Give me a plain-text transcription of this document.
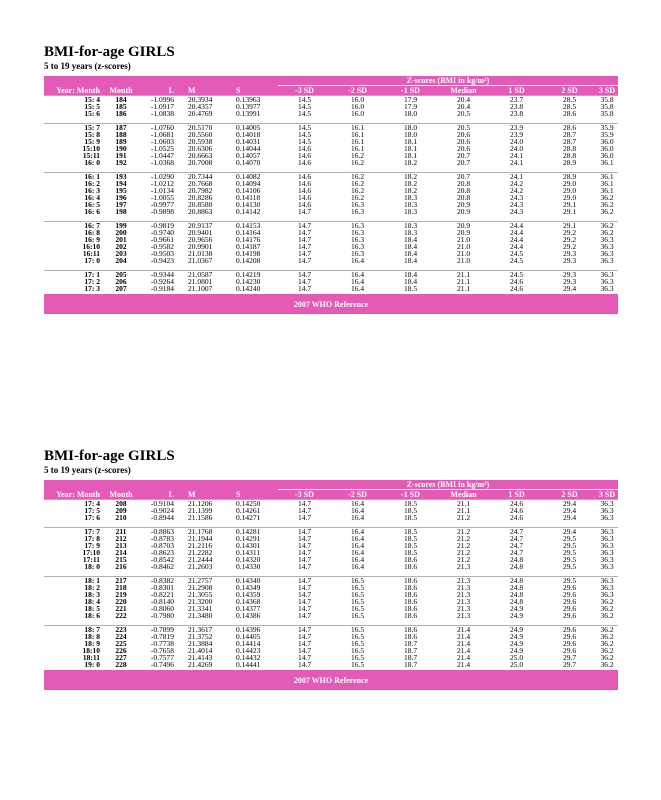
BMI-for-age GIRLS
5 to 19 years (z-scores)
					Z-scores (BMI in kg/m²)						
Year: Month	Month	L	M	S	-3 SD	-2 SD	-1 SD	Median	1 SD	2 SD	3 SD
15: 4	184	-1.0996	20.3934	0.13963	14.5	16.0	17.9	20.4	23.7	28.5	35.8
15: 5	185	-1.0917	20.4357	0.13977	14.5	16.0	17.9	20.4	23.8	28.5	35.8
15: 6	186	-1.0838	20.4769	0.13991	14.5	16.0	18.0	20.5	23.8	28.6	35.8

15: 7	187	-1.0760	20.5170	0.14005	14.5	16.1	18.0	20.5	23.9	28.6	35.9
15: 8	188	-1.0681	20.5560	0.14018	14.5	16.1	18.0	20.6	23.9	28.7	35.9
15: 9	189	-1.0603	20.5938	0.14031	14.5	16.1	18.1	20.6	24.0	28.7	36.0
15:10	190	-1.0525	20.6306	0.14044	14.6	16.1	18.1	20.6	24.0	28.8	36.0
15:11	191	-1.0447	20.6663	0.14057	14.6	16.2	18.1	20.7	24.1	28.8	36.0
16: 0	192	-1.0368	20.7008	0.14070	14.6	16.2	18.2	20.7	24.1	28.9	36.1

16: 1	193	-1.0290	20.7344	0.14082	14.6	16.2	18.2	20.7	24.1	28.9	36.1
16: 2	194	-1.0212	20.7668	0.14094	14.6	16.2	18.2	20.8	24.2	29.0	36.1
16: 3	195	-1.0134	20.7982	0.14106	14.6	16.2	18.2	20.8	24.2	29.0	36.1
16: 4	196	-1.0055	20.8286	0.14118	14.6	16.2	18.3	20.8	24.3	29.0	36.2
16: 5	197	-0.9977	20.8580	0.14130	14.6	16.3	18.3	20.9	24.3	29.1	36.2
16: 6	198	-0.9898	20.8863	0.14142	14.7	16.3	18.3	20.9	24.3	29.1	36.2

16: 7	199	-0.9819	20.9137	0.14153	14.7	16.3	18.3	20.9	24.4	29.1	36.2
16: 8	200	-0.9740	20.9401	0.14164	14.7	16.3	18.3	20.9	24.4	29.2	36.2
16: 9	201	-0.9661	20.9656	0.14176	14.7	16.3	18.4	21.0	24.4	29.2	36.3
16:10	202	-0.9582	20.9901	0.14187	14.7	16.3	18.4	21.0	24.4	29.2	36.3
16:11	203	-0.9503	21.0138	0.14198	14.7	16.3	18.4	21.0	24.5	29.3	36.3
17: 0	204	-0.9423	21.0367	0.14208	14.7	16.4	18.4	21.0	24.5	29.3	36.3

17: 1	205	-0.9344	21.0587	0.14219	14.7	16.4	18.4	21.1	24.5	29.3	36.3
17: 2	206	-0.9264	21.0801	0.14230	14.7	16.4	18.4	21.1	24.6	29.3	36.3
17: 3	207	-0.9184	21.1007	0.14240	14.7	16.4	18.5	21.1	24.6	29.4	36.3

2007 WHO Reference
BMI-for-age GIRLS
5 to 19 years (z-scores)
					Z-scores (BMI in kg/m²)						
Year: Month	Month	L	M	S	-3 SD	-2 SD	-1 SD	Median	1 SD	2 SD	3 SD
17: 4	208	-0.9104	21.1206	0.14250	14.7	16.4	18.5	21.1	24.6	29.4	36.3
17: 5	209	-0.9024	21.1399	0.14261	14.7	16.4	18.5	21.1	24.6	29.4	36.3
17: 6	210	-0.8944	21.1586	0.14271	14.7	16.4	18.5	21.2	24.6	29.4	36.3

17: 7	211	-0.8863	21.1768	0.14281	14.7	16.4	18.5	21.2	24.7	29.4	36.3
17: 8	212	-0.8783	21.1944	0.14291	14.7	16.4	18.5	21.2	24.7	29.5	36.3
17: 9	213	-0.8703	21.2116	0.14301	14.7	16.4	18.5	21.2	24.7	29.5	36.3
17:10	214	-0.8623	21.2282	0.14311	14.7	16.4	18.5	21.2	24.7	29.5	36.3
17:11	215	-0.8542	21.2444	0.14320	14.7	16.4	18.6	21.2	24.8	29.5	36.3
18: 0	216	-0.8462	21.2603	0.14330	14.7	16.4	18.6	21.3	24.8	29.5	36.3

18: 1	217	-0.8382	21.2757	0.14340	14.7	16.5	18.6	21.3	24.8	29.5	36.3
18: 2	218	-0.8301	21.2908	0.14349	14.7	16.5	18.6	21.3	24.8	29.6	36.3
18: 3	219	-0.8221	21.3055	0.14359	14.7	16.5	18.6	21.3	24.8	29.6	36.3
18: 4	220	-0.8140	21.3200	0.14368	14.7	16.5	18.6	21.3	24.8	29.6	36.2
18: 5	221	-0.8060	21.3341	0.14377	14.7	16.5	18.6	21.3	24.9	29.6	36.2
18: 6	222	-0.7980	21.3480	0.14386	14.7	16.5	18.6	21.3	24.9	29.6	36.2

18: 7	223	-0.7899	21.3617	0.14396	14.7	16.5	18.6	21.4	24.9	29.6	36.2
18: 8	224	-0.7819	21.3752	0.14405	14.7	16.5	18.6	21.4	24.9	29.6	36.2
18: 9	225	-0.7738	21.3884	0.14414	14.7	16.5	18.7	21.4	24.9	29.6	36.2
18:10	226	-0.7658	21.4014	0.14423	14.7	16.5	18.7	21.4	24.9	29.6	36.2
18:11	227	-0.7577	21.4143	0.14432	14.7	16.5	18.7	21.4	25.0	29.7	36.2
19: 0	228	-0.7496	21.4269	0.14441	14.7	16.5	18.7	21.4	25.0	29.7	36.2

2007 WHO Reference
